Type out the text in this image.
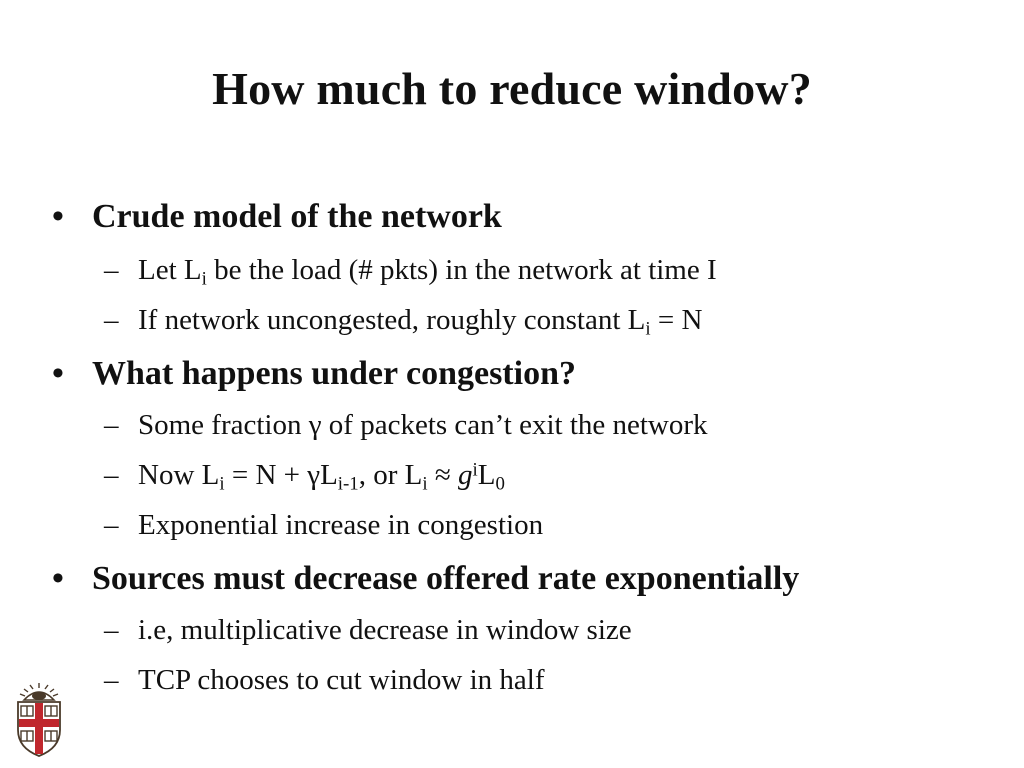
How much to reduce window?
• Crude model of the network
– Let $L_i$ be the load (# pkts) in the network at time I
– If network uncongested, roughly constant $L_i = N$
• What happens under congestion?
– Some fraction γ of packets can’t exit the network
– Now $L_i = N + \gamma L_{i-1}$, or $L_i \approx g^iL_0$
– Exponential increase in congestion
• Sources must decrease offered rate exponentially
– i.e, multiplicative decrease in window size
– TCP chooses to cut window in half
